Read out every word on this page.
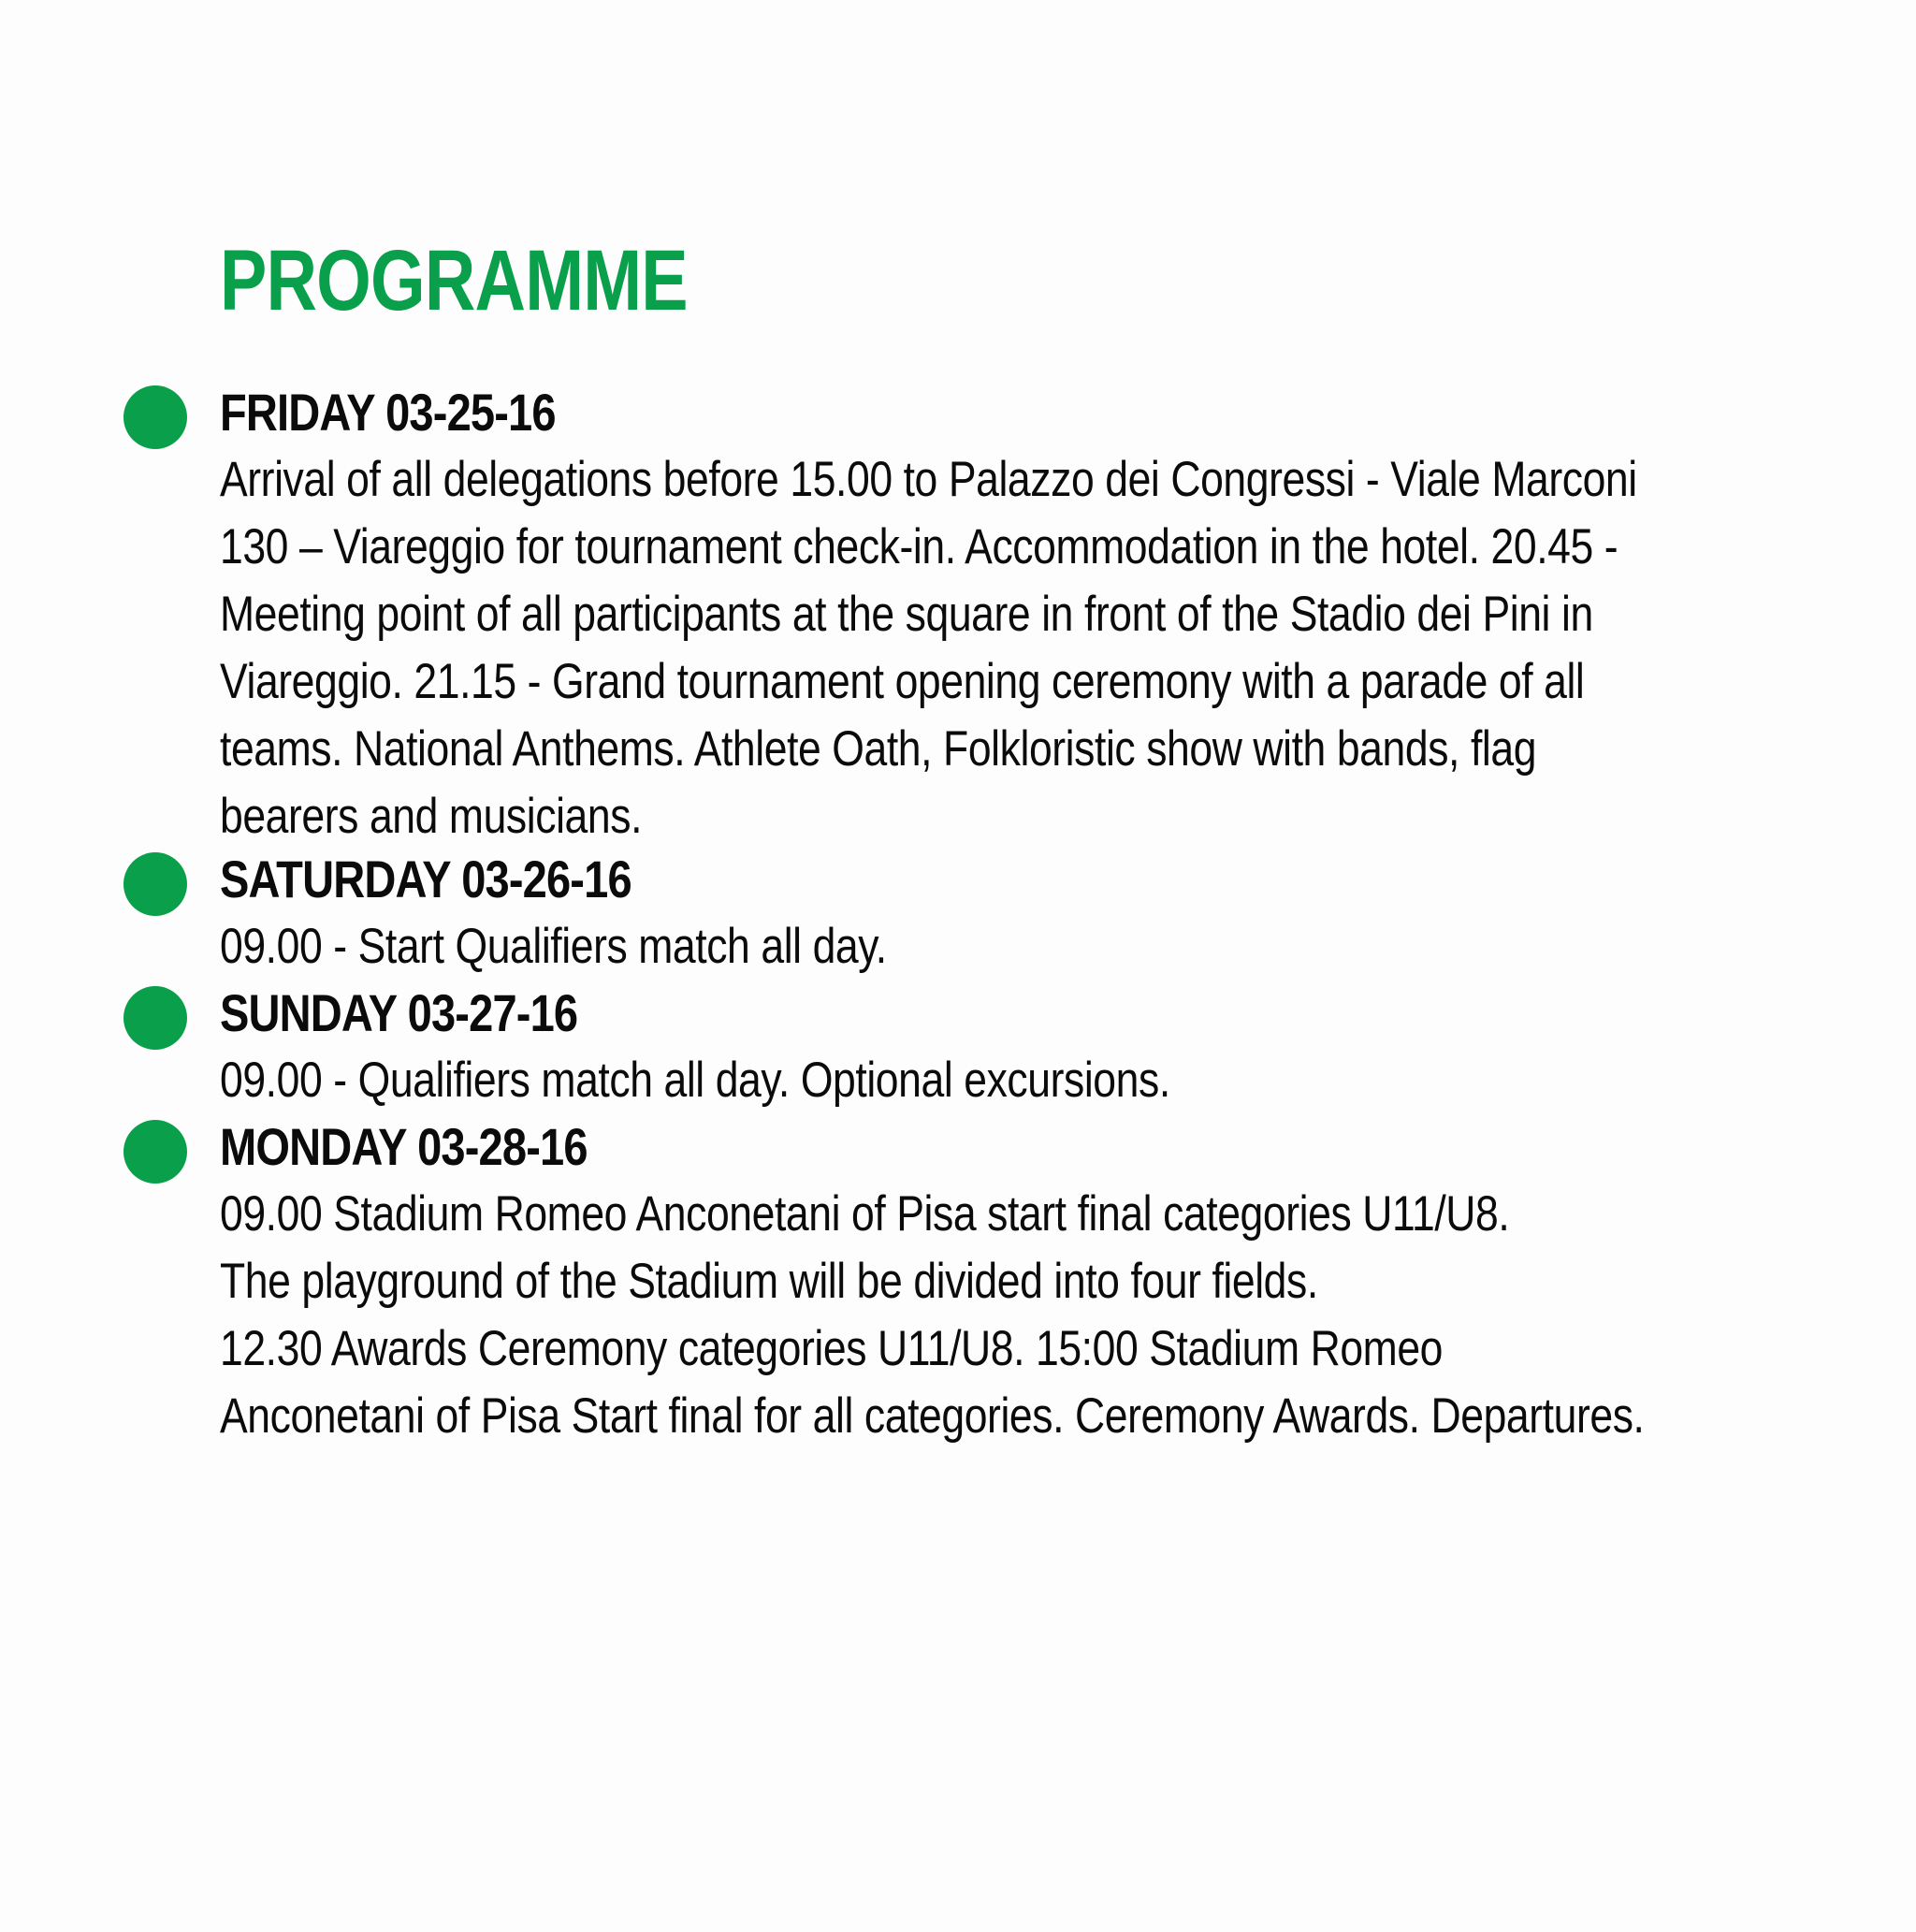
PROGRAMME
FRIDAY 03-25-16
Arrival of all delegations before 15.00 to Palazzo dei Congressi - Viale Marconi
130 – Viareggio for tournament check-in. Accommodation in the hotel. 20.45 -
Meeting point of all participants at the square in front of the Stadio dei Pini in
Viareggio. 21.15 - Grand tournament opening ceremony with a parade of all
teams. National Anthems. Athlete Oath, Folkloristic show with bands, flag
bearers and musicians.
SATURDAY 03-26-16
09.00 - Start Qualifiers match all day.
SUNDAY 03-27-16
09.00 - Qualifiers match all day. Optional excursions.
MONDAY 03-28-16
09.00 Stadium Romeo Anconetani of Pisa start final categories U11/U8.
The playground of the Stadium will be divided into four fields.
12.30 Awards Ceremony categories U11/U8. 15:00 Stadium Romeo
Anconetani of Pisa Start final for all categories. Ceremony Awards. Departures.
